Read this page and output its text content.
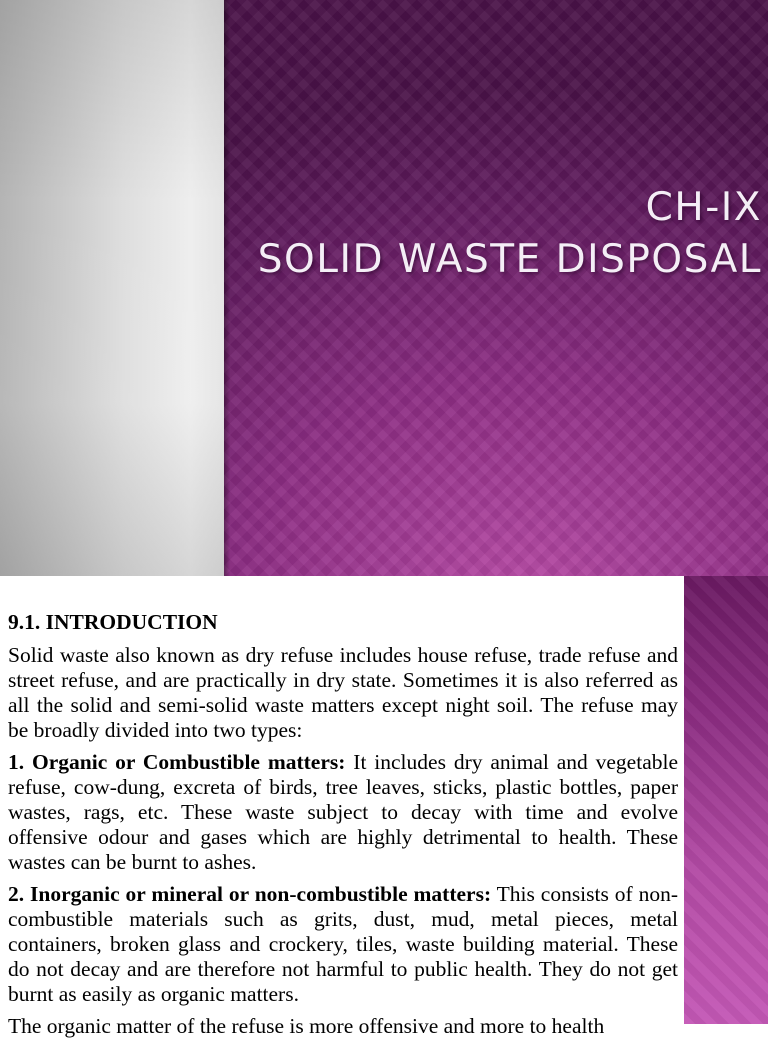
CH-IX
SOLID WASTE DISPOSAL
9.1. INTRODUCTION

Solid waste also known as dry refuse includes house refuse, trade refuse and street refuse, and are practically in dry state. Sometimes it is also referred as all the solid and semi-solid waste matters except night soil. The refuse may be broadly divided into two types:

1. Organic or Combustible matters: It includes dry animal and vegetable refuse, cow-dung, excreta of birds, tree leaves, sticks, plastic bottles, paper wastes, rags, etc. These waste subject to decay with time and evolve offensive odour and gases which are highly detrimental to health. These wastes can be burnt to ashes.

2. Inorganic or mineral or non-combustible matters: This consists of non-combustible materials such as grits, dust, mud, metal pieces, metal containers, broken glass and crockery, tiles, waste building material. These do not decay and are therefore not harmful to public health. They do not get burnt as easily as organic matters.

The organic matter of the refuse is more offensive and more to health
